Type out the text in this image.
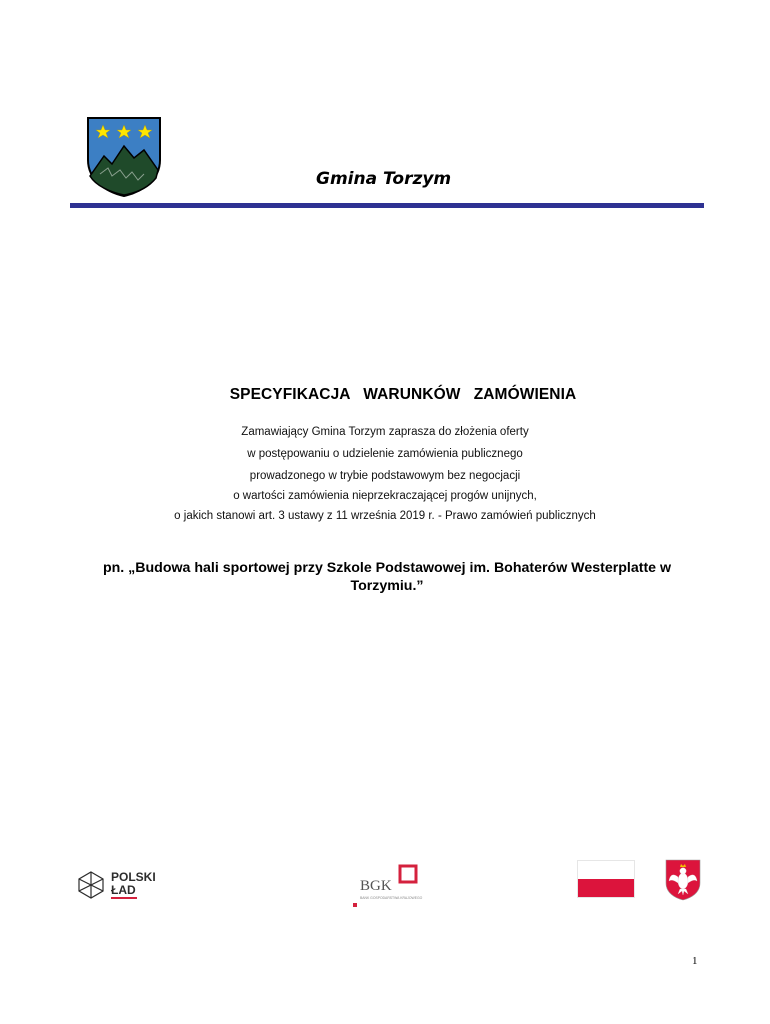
Gmina Torzym
SPECYFIKACJA   WARUNKÓW   ZAMÓWIENIA
Zamawiający Gmina Torzym zaprasza do złożenia oferty
w postępowaniu o udzielenie zamówienia publicznego
prowadzonego w trybie podstawowym bez negocjacji
o wartości zamówienia nieprzekraczającej progów unijnych,
o jakich stanowi art. 3 ustawy z 11 września 2019 r. - Prawo zamówień publicznych
pn. „Budowa hali sportowej przy Szkole Podstawowej im. Bohaterów Westerplatte w Torzymiu.”
POLSKI
ŁAD	BGK
BANK GOSPODARSTWA KRAJOWEGO
1
